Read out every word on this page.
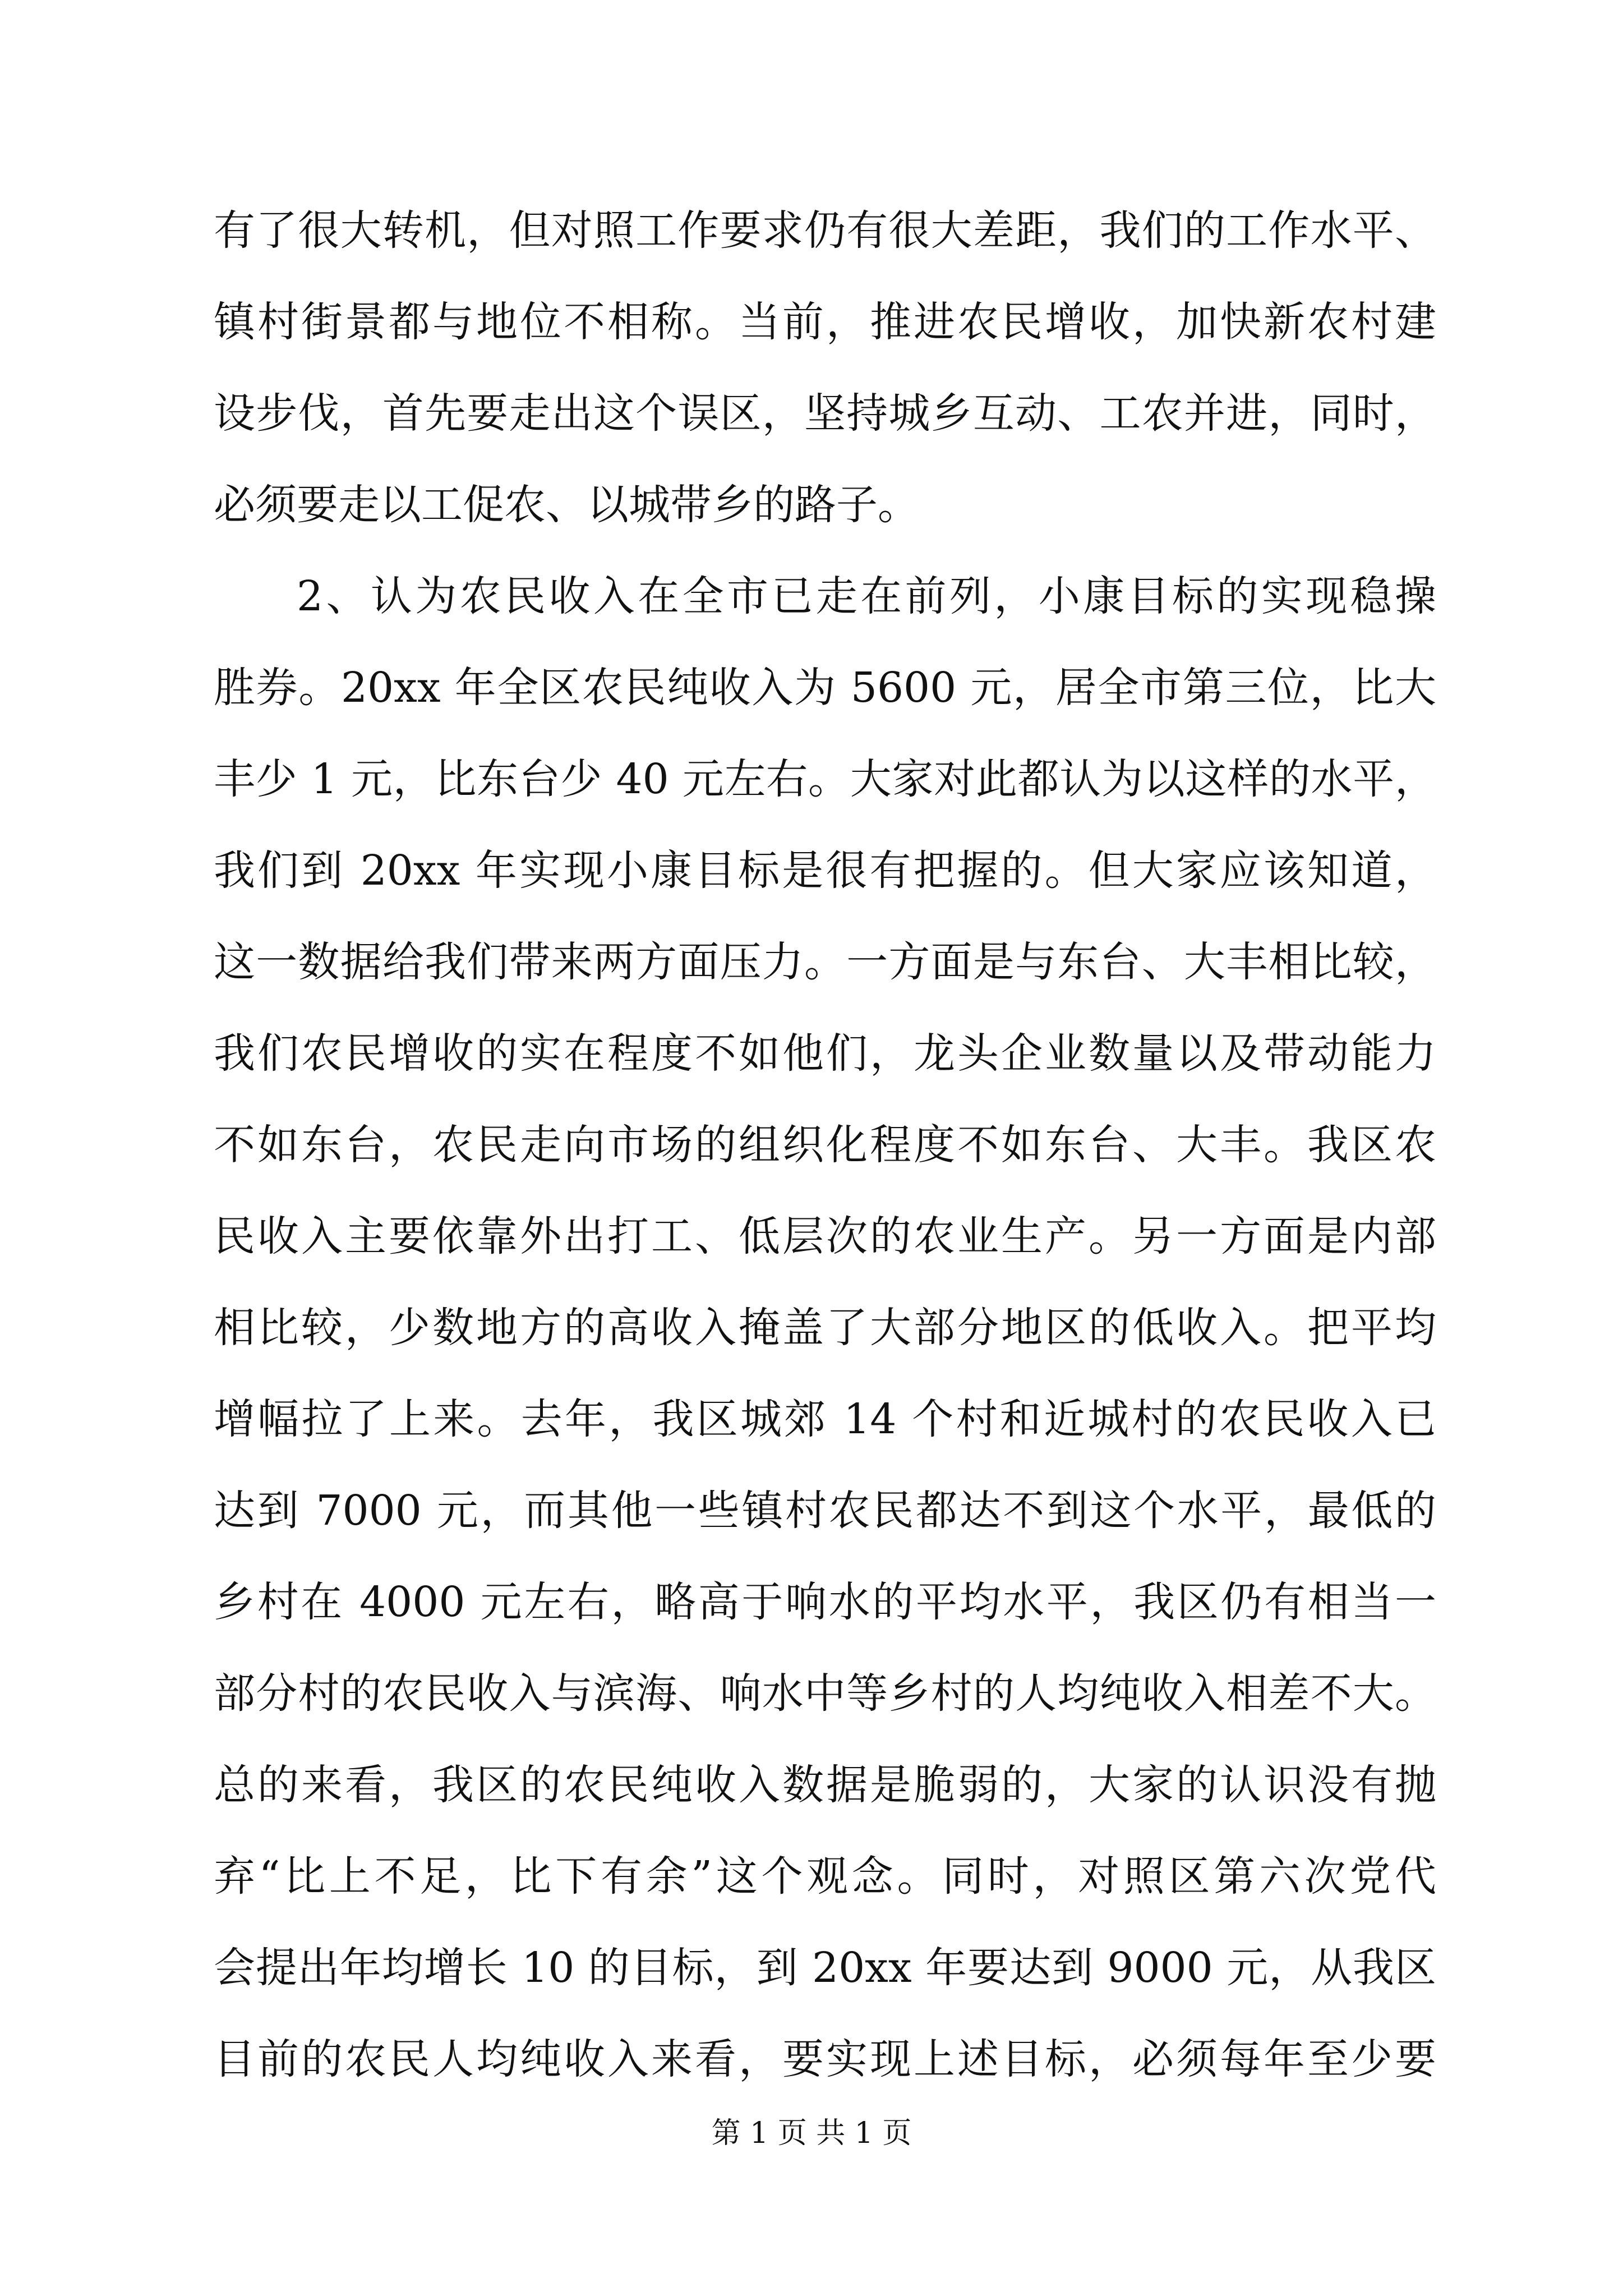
有了很大转机，但对照工作要求仍有很大差距，我们的工作水平、
镇村街景都与地位不相称。当前，推进农民增收，加快新农村建
设步伐，首先要走出这个误区，坚持城乡互动、工农并进，同时，
必须要走以工促农、以城带乡的路子。
2、认为农民收入在全市已走在前列，小康目标的实现稳操
胜券。20xx 年全区农民纯收入为 5600 元，居全市第三位，比大
丰少 1 元，比东台少 40 元左右。大家对此都认为以这样的水平，
我们到 20xx 年实现小康目标是很有把握的。但大家应该知道，
这一数据给我们带来两方面压力。一方面是与东台、大丰相比较，
我们农民增收的实在程度不如他们，龙头企业数量以及带动能力
不如东台，农民走向市场的组织化程度不如东台、大丰。我区农
民收入主要依靠外出打工、低层次的农业生产。另一方面是内部
相比较，少数地方的高收入掩盖了大部分地区的低收入。把平均
增幅拉了上来。去年，我区城郊 14 个村和近城村的农民收入已
达到 7000 元，而其他一些镇村农民都达不到这个水平，最低的
乡村在 4000 元左右，略高于响水的平均水平，我区仍有相当一
部分村的农民收入与滨海、响水中等乡村的人均纯收入相差不大。
总的来看，我区的农民纯收入数据是脆弱的，大家的认识没有抛
弃“比上不足，比下有余”这个观念。同时，对照区第六次党代
会提出年均增长 10 的目标，到 20xx 年要达到 9000 元，从我区
目前的农民人均纯收入来看，要实现上述目标，必须每年至少要
第 1 页 共 1 页
